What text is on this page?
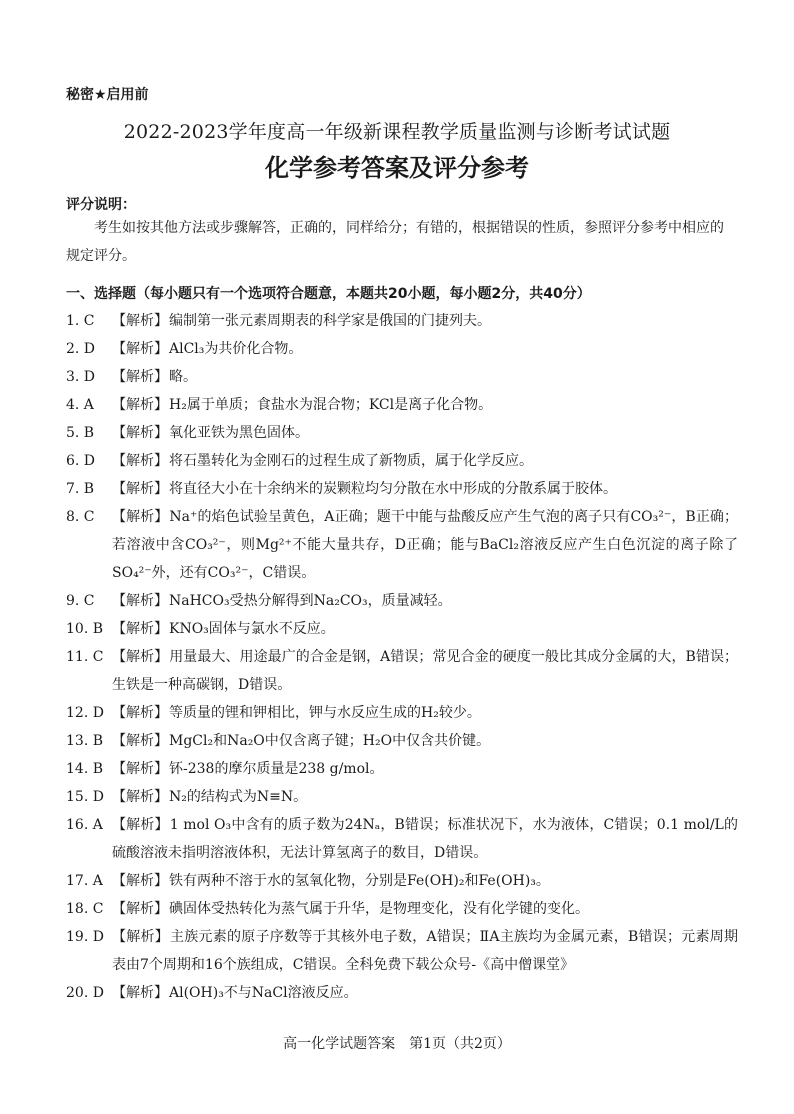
秘密★启用前
2022-2023学年度高一年级新课程教学质量监测与诊断考试试题
化学参考答案及评分参考
评分说明：
考生如按其他方法或步骤解答，正确的，同样给分；有错的，根据错误的性质，参照评分参考中相应的规定评分。
一、选择题（每小题只有一个选项符合题意，本题共20小题，每小题2分，共40分）
1. C	【解析】编制第一张元素周期表的科学家是俄国的门捷列夫。
2. D	【解析】AlCl₃为共价化合物。
3. D	【解析】略。
4. A	【解析】H₂属于单质；食盐水为混合物；KCl是离子化合物。
5. B	【解析】氧化亚铁为黑色固体。
6. D	【解析】将石墨转化为金刚石的过程生成了新物质，属于化学反应。
7. B	【解析】将直径大小在十余纳米的炭颗粒均匀分散在水中形成的分散系属于胶体。
8. C	【解析】Na⁺的焰色试验呈黄色，A正确；题干中能与盐酸反应产生气泡的离子只有CO₃²⁻，B正确；若溶液中含CO₃²⁻，则Mg²⁺不能大量共存，D正确；能与BaCl₂溶液反应产生白色沉淀的离子除了SO₄²⁻外，还有CO₃²⁻，C错误。
9. C	【解析】NaHCO₃受热分解得到Na₂CO₃，质量减轻。
10. B 【解析】KNO₃固体与氯水不反应。
11. C 【解析】用量最大、用途最广的合金是钢，A错误；常见合金的硬度一般比其成分金属的大，B错误；生铁是一种高碳钢，D错误。
12. D 【解析】等质量的锂和钾相比，钾与水反应生成的H₂较少。
13. B 【解析】MgCl₂和Na₂O中仅含离子键；H₂O中仅含共价键。
14. B 【解析】钚-238的摩尔质量是238 g/mol。
15. D 【解析】N₂的结构式为N≡N。
16. A 【解析】1 mol O₃中含有的质子数为24Nₐ，B错误；标准状况下，水为液体，C错误；0.1 mol/L的硫酸溶液未指明溶液体积，无法计算氢离子的数目，D错误。
17. A 【解析】铁有两种不溶于水的氢氧化物，分别是Fe(OH)₂和Fe(OH)₃。
18. C 【解析】碘固体受热转化为蒸气属于升华，是物理变化，没有化学键的变化。
19. D 【解析】主族元素的原子序数等于其核外电子数，A错误；ⅡA主族均为金属元素，B错误；元素周期表由7个周期和16个族组成，C错误。全科免费下载公众号-《高中僧课堂》
20. D 【解析】Al(OH)₃不与NaCl溶液反应。
高一化学试题答案　第1页（共2页）
